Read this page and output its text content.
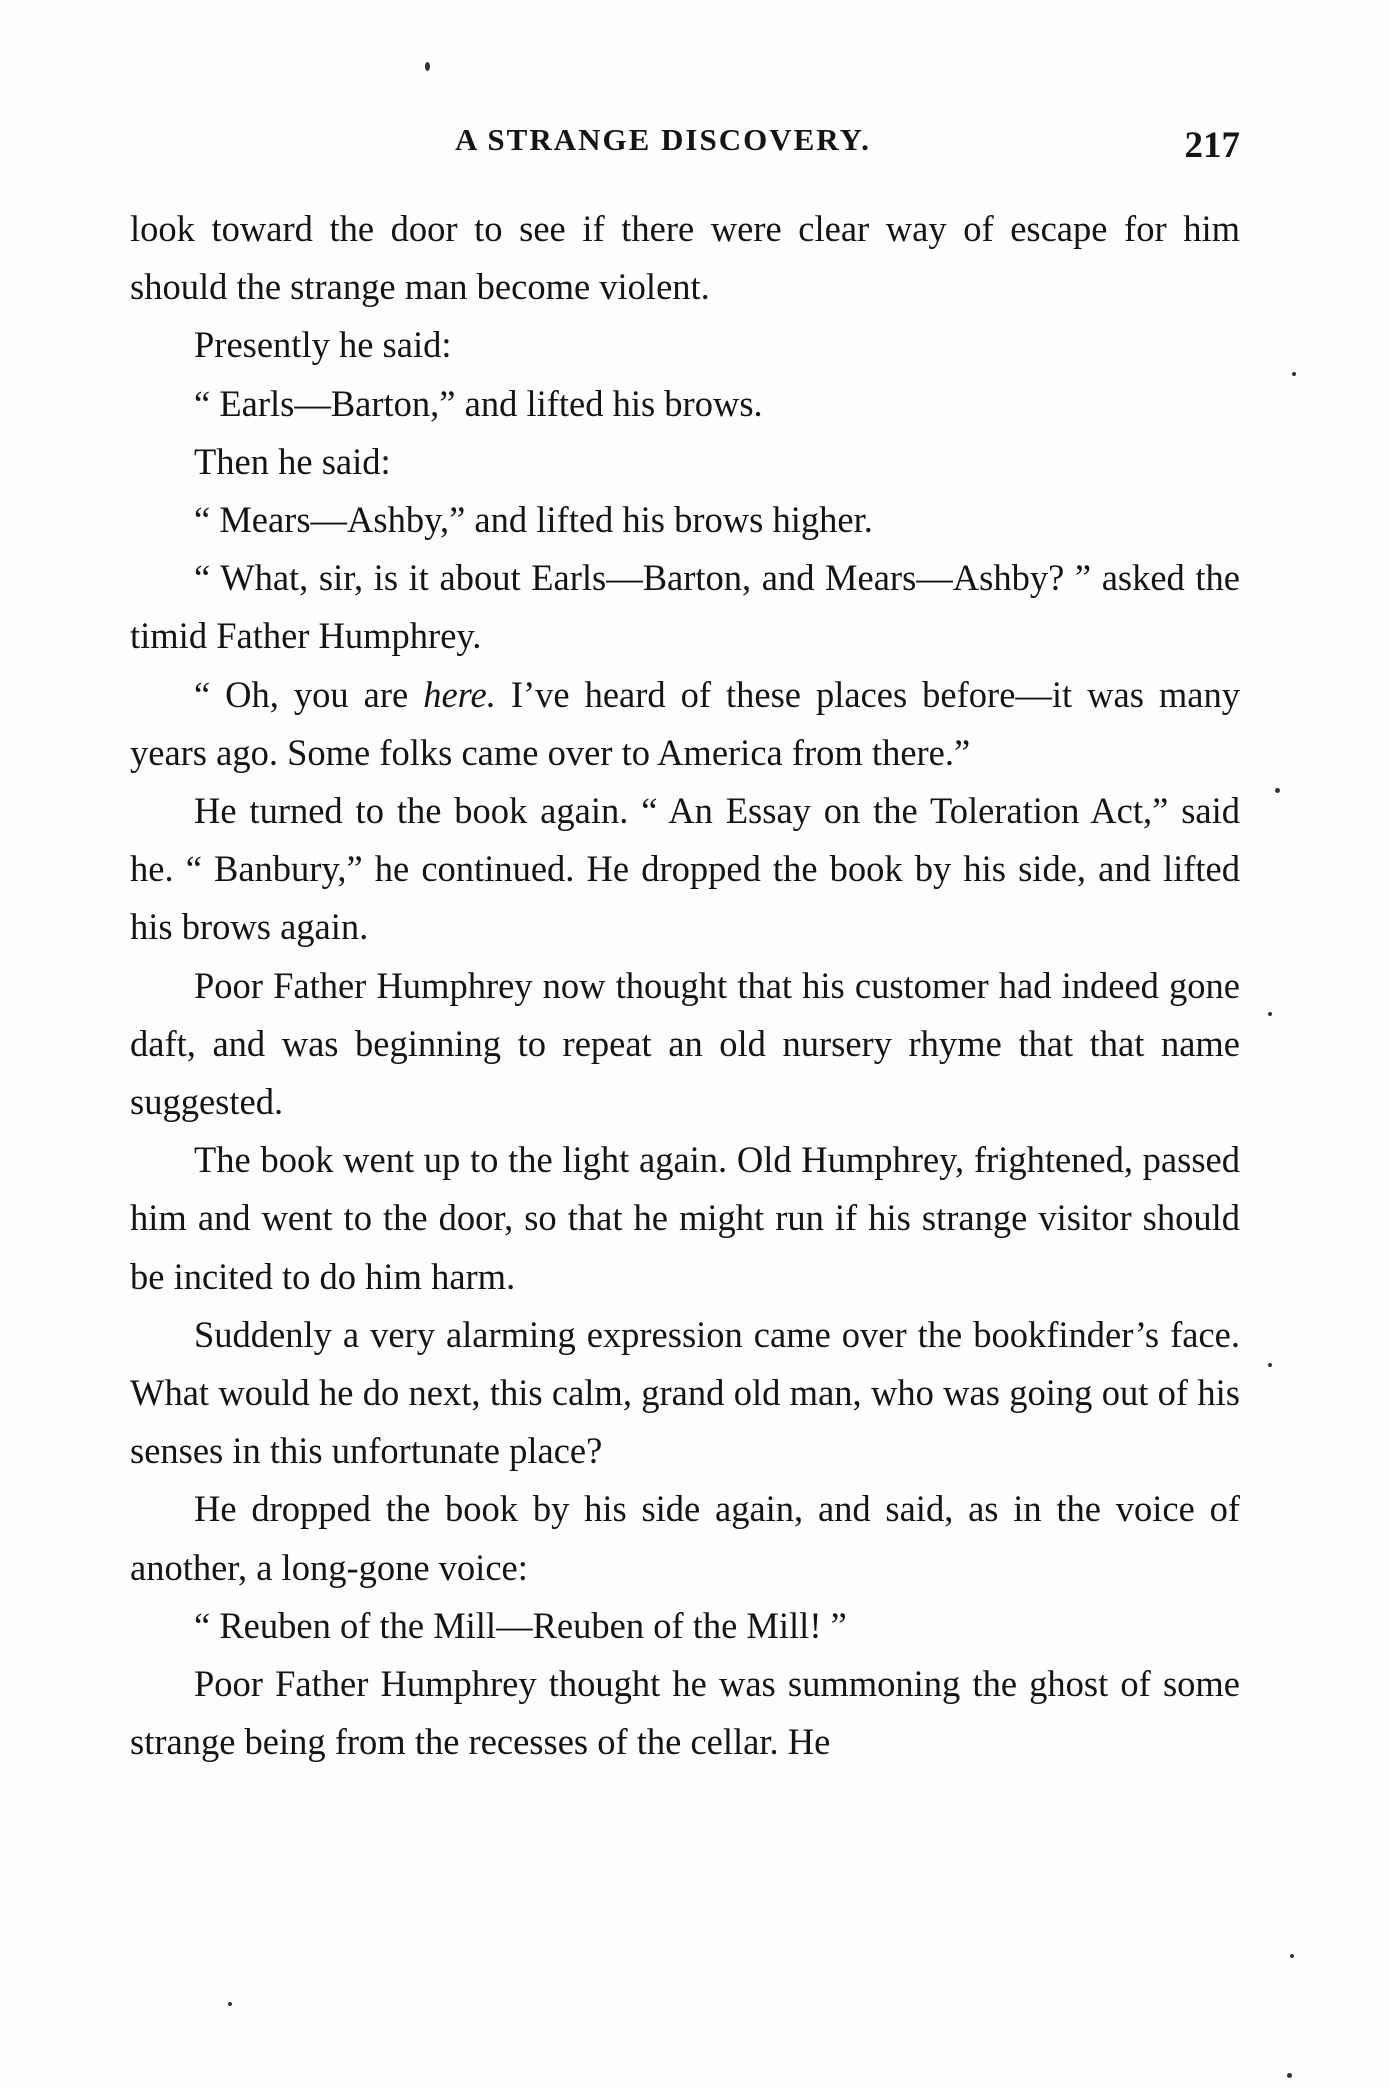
A STRANGE DISCOVERY.	217

look toward the door to see if there were clear way of escape for him should the strange man become violent.

Presently he said:

“ Earls—Barton,” and lifted his brows.

Then he said:

“ Mears—Ashby,” and lifted his brows higher.

“ What, sir, is it about Earls—Barton, and Mears—Ashby? ” asked the timid Father Humphrey.

“ Oh, you are here. I’ve heard of these places before—it was many years ago. Some folks came over to America from there.”

He turned to the book again. “ An Essay on the Toleration Act,” said he. “ Banbury,” he continued. He dropped the book by his side, and lifted his brows again.

Poor Father Humphrey now thought that his customer had indeed gone daft, and was beginning to repeat an old nursery rhyme that that name suggested.

The book went up to the light again. Old Humphrey, frightened, passed him and went to the door, so that he might run if his strange visitor should be incited to do him harm.

Suddenly a very alarming expression came over the bookfinder’s face. What would he do next, this calm, grand old man, who was going out of his senses in this unfortunate place?

He dropped the book by his side again, and said, as in the voice of another, a long-gone voice:

“ Reuben of the Mill—Reuben of the Mill! ”

Poor Father Humphrey thought he was summoning the ghost of some strange being from the recesses of the cellar. He
